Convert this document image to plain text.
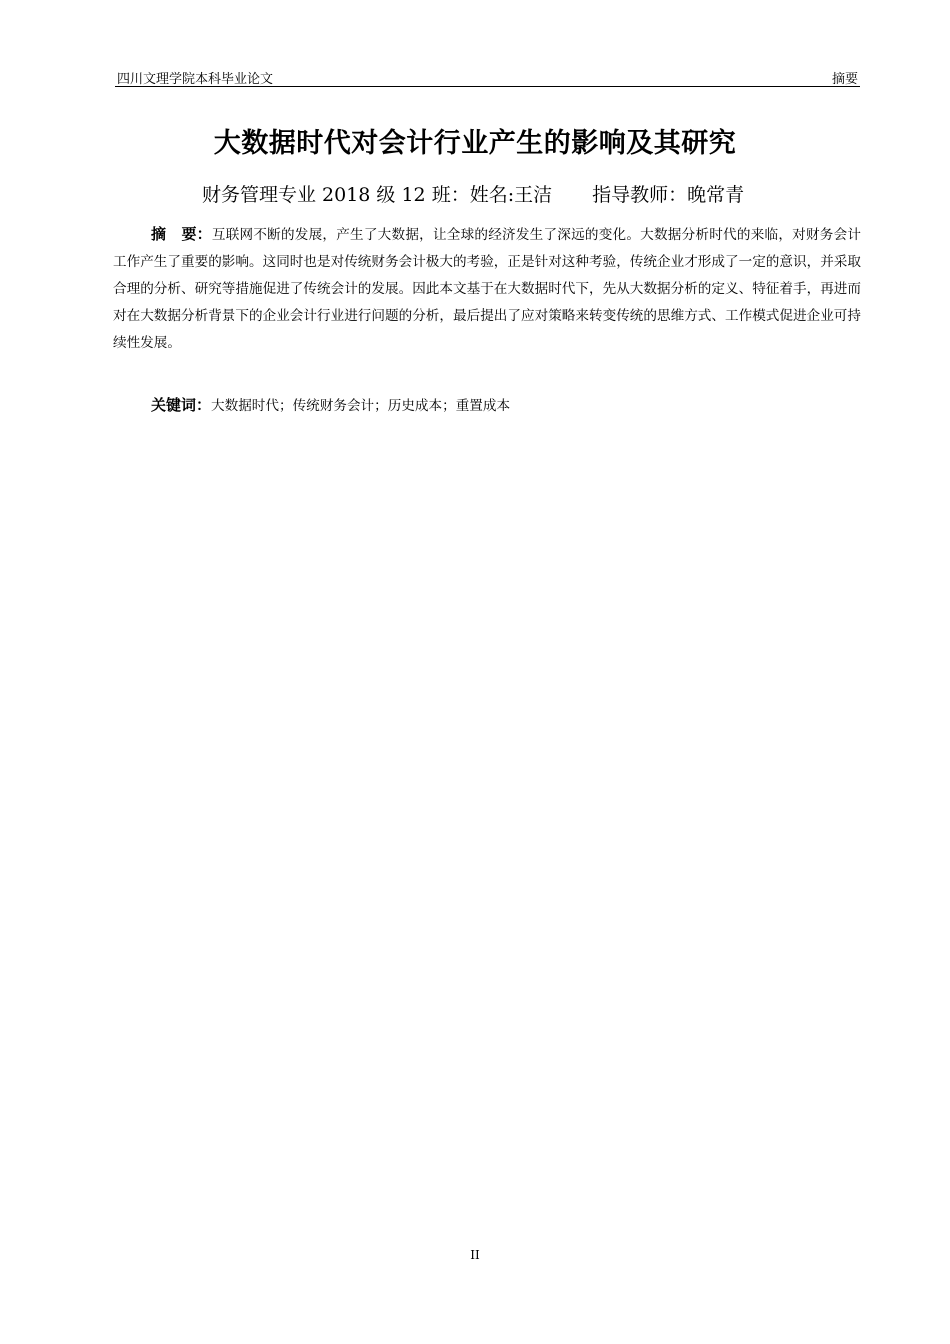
四川文理学院本科毕业论文	摘要
大数据时代对会计行业产生的影响及其研究
财务管理专业 2018 级 12 班：姓名:王洁 指导教师：晚常青

摘　要：互联网不断的发展，产生了大数据，让全球的经济发生了深远的变化。大数据分析时代的来临，对财务会计工作产生了重要的影响。这同时也是对传统财务会计极大的考验，正是针对这种考验，传统企业才形成了一定的意识，并采取合理的分析、研究等措施促进了传统会计的发展。因此本文基于在大数据时代下，先从大数据分析的定义、特征着手，再进而对在大数据分析背景下的企业会计行业进行问题的分析，最后提出了应对策略来转变传统的思维方式、工作模式促进企业可持续性发展。

关键词：大数据时代；传统财务会计；历史成本；重置成本
II
